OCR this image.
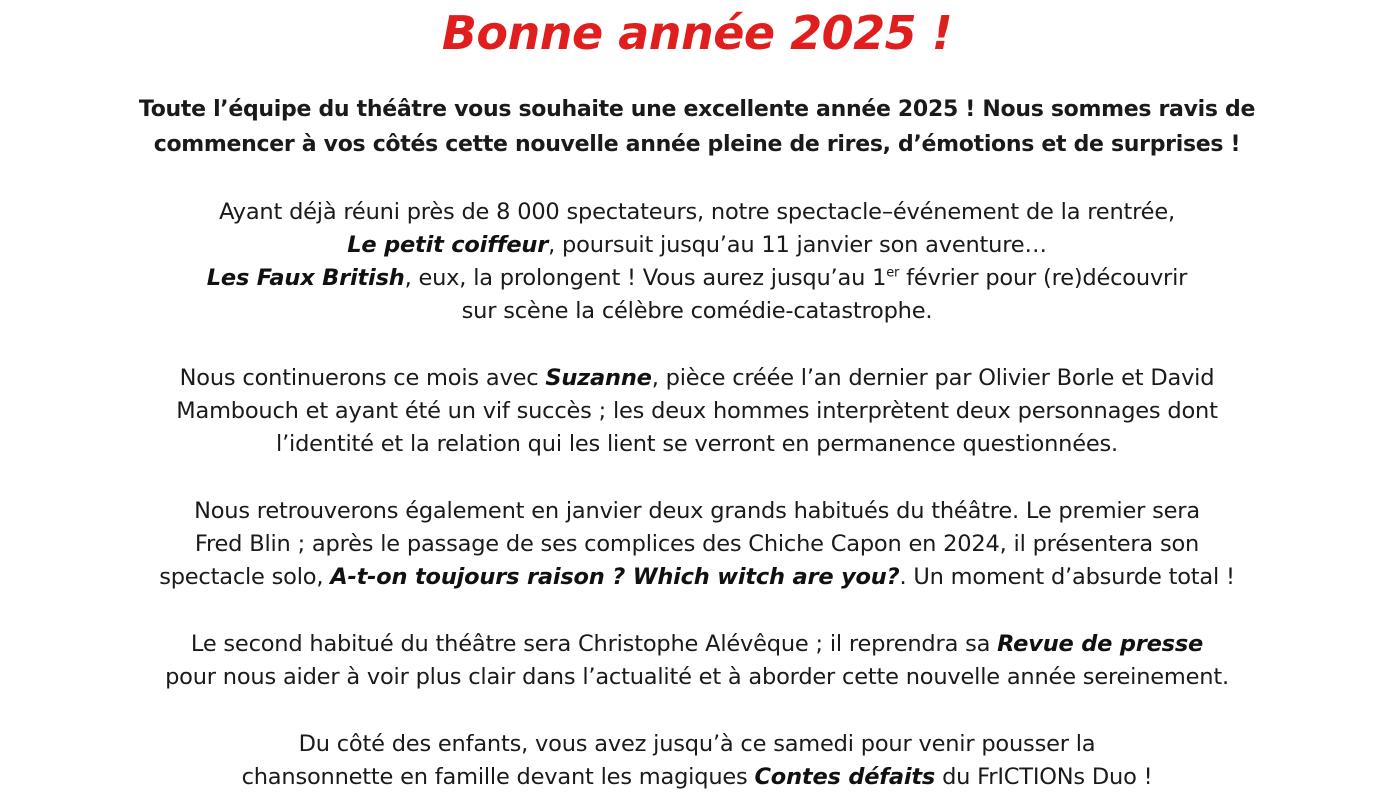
Bonne année 2025 !
Toute l’équipe du théâtre vous souhaite une excellente année 2025 ! Nous sommes ravis de
commencer à vos côtés cette nouvelle année pleine de rires, d’émotions et de surprises !
Ayant déjà réuni près de 8 000 spectateurs, notre spectacle–événement de la rentrée,
Le petit coiffeur, poursuit jusqu’au 11 janvier son aventure…
Les Faux British, eux, la prolongent ! Vous aurez jusqu’au 1er février pour (re)découvrir
sur scène la célèbre comédie-catastrophe.
Nous continuerons ce mois avec Suzanne, pièce créée l’an dernier par Olivier Borle et David
Mambouch et ayant été un vif succès ; les deux hommes interprètent deux personnages dont
l’identité et la relation qui les lient se verront en permanence questionnées.
Nous retrouverons également en janvier deux grands habitués du théâtre. Le premier sera
Fred Blin ; après le passage de ses complices des Chiche Capon en 2024, il présentera son
spectacle solo, A-t-on toujours raison ? Which witch are you?. Un moment d’absurde total !
Le second habitué du théâtre sera Christophe Alévêque ; il reprendra sa Revue de presse
pour nous aider à voir plus clair dans l’actualité et à aborder cette nouvelle année sereinement.
Du côté des enfants, vous avez jusqu’à ce samedi pour venir pousser la
chansonnette en famille devant les magiques Contes défaits du FrICTIONs Duo !
